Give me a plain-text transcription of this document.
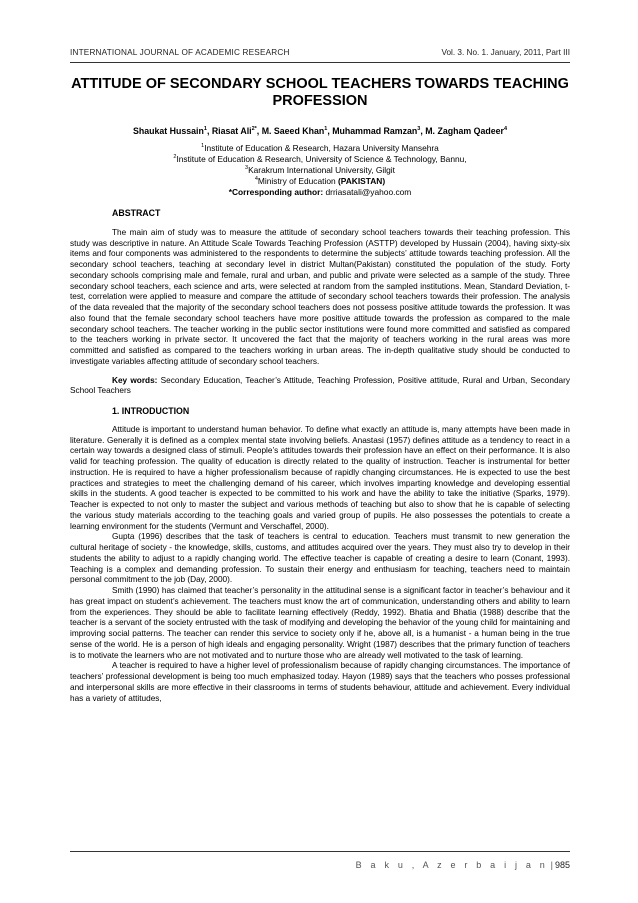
INTERNATIONAL JOURNAL OF ACADEMIC RESEARCH	Vol. 3. No. 1. January, 2011, Part III
ATTITUDE OF SECONDARY SCHOOL TEACHERS TOWARDS TEACHING PROFESSION
Shaukat Hussain$^1$, Riasat Ali$^{2*}$, M. Saeed Khan$^1$, Muhammad Ramzan$^3$, M. Zagham Qadeer$^4$
$^1$Institute of Education & Research, Hazara University Mansehra
$^2$Institute of Education & Research, University of Science & Technology, Bannu,
$^3$Karakrum International University, Gilgit
$^4$Ministry of Education (PAKISTAN)
*Corresponding author: drriasatali@yahoo.com
ABSTRACT

The main aim of study was to measure the attitude of secondary school teachers towards their teaching profession. This study was descriptive in nature. An Attitude Scale Towards Teaching Profession (ASTTP) developed by Hussain (2004), having sixty-six items and four components was administered to the respondents to determine the subjects’ attitude towards teaching profession. All the secondary school teachers, teaching at secondary level in district Multan(Pakistan) constituted the population of the study. Forty secondary schools comprising male and female, rural and urban, and public and private were selected as a sample of the study. Three secondary school teachers, each science and arts, were selected at random from the sampled institutions. Mean, Standard Deviation, t-test, correlation were applied to measure and compare the attitude of secondary school teachers towards their profession. The analysis of the data revealed that the majority of the secondary school teachers does not possess positive attitude towards the profession. It was also found that the female secondary school teachers have more positive attitude towards the profession as compared to the male secondary school teachers. The teacher working in the public sector institutions were found more committed and satisfied as compared to the teachers working in private sector. It uncovered the fact that the majority of teachers working in the rural areas was more committed and satisfied as compared to the teachers working in urban areas. The in-depth qualitative study should be conducted to investigate variables affecting attitude of secondary school teachers.

Key words: Secondary Education, Teacher’s Attitude, Teaching Profession, Positive attitude, Rural and Urban, Secondary School Teachers

1. INTRODUCTION

Attitude is important to understand human behavior. To define what exactly an attitude is, many attempts have been made in literature. Generally it is defined as a complex mental state involving beliefs. Anastasi (1957) defines attitude as a tendency to react in a certain way towards a designed class of stimuli. People’s attitudes towards their profession have an effect on their performance. It is also valid for teaching profession. The quality of education is directly related to the quality of instruction. Teacher is instrumental for better instruction. He is required to have a higher professionalism because of rapidly changing circumstances. He is expected to use the best practices and strategies to meet the challenging demand of his career, which involves imparting knowledge and developing essential skills in the students. A good teacher is expected to be committed to his work and have the ability to take the initiative (Sparks, 1979). Teacher is expected to not only to master the subject and various methods of teaching but also to show that he is capable of selecting the various study materials according to the teaching goals and varied group of pupils. He also possesses the potentials to create a learning environment for the students (Vermunt and Verschaffel, 2000).

Gupta (1996) describes that the task of teachers is central to education. Teachers must transmit to new generation the cultural heritage of society - the knowledge, skills, customs, and attitudes acquired over the years. They must also try to develop in their students the ability to adjust to a rapidly changing world. The effective teacher is capable of creating a desire to learn (Conant, 1993). Teaching is a complex and demanding profession. To sustain their energy and enthusiasm for teaching, teachers need to maintain personal commitment to the job (Day, 2000).

Smith (1990) has claimed that teacher’s personality in the attitudinal sense is a significant factor in teacher’s behaviour and it has great impact on student’s achievement. The teachers must know the art of communication, understanding others and ability to learn from the experiences. They should be able to facilitate learning effectively (Reddy, 1992). Bhatia and Bhatia (1988) describe that the teacher is a servant of the society entrusted with the task of modifying and developing the behavior of the young child for maintaining and improving social patterns. The teacher can render this service to society only if he, above all, is a humanist - a human being in the true sense of the world. He is a person of high ideals and engaging personality. Wright (1987) describes that the primary function of teachers is to motivate the learners who are not motivated and to nurture those who are already well motivated to the task of learning.

A teacher is required to have a higher level of professionalism because of rapidly changing circumstances. The importance of teachers’ professional development is being too much emphasized today. Hayon (1989) says that the teachers who posses professional and interpersonal skills are more effective in their classrooms in terms of students behaviour, attitude and achievement. Every individual has a variety of attitudes,

B a k u , A z e r b a i j a n | 985
